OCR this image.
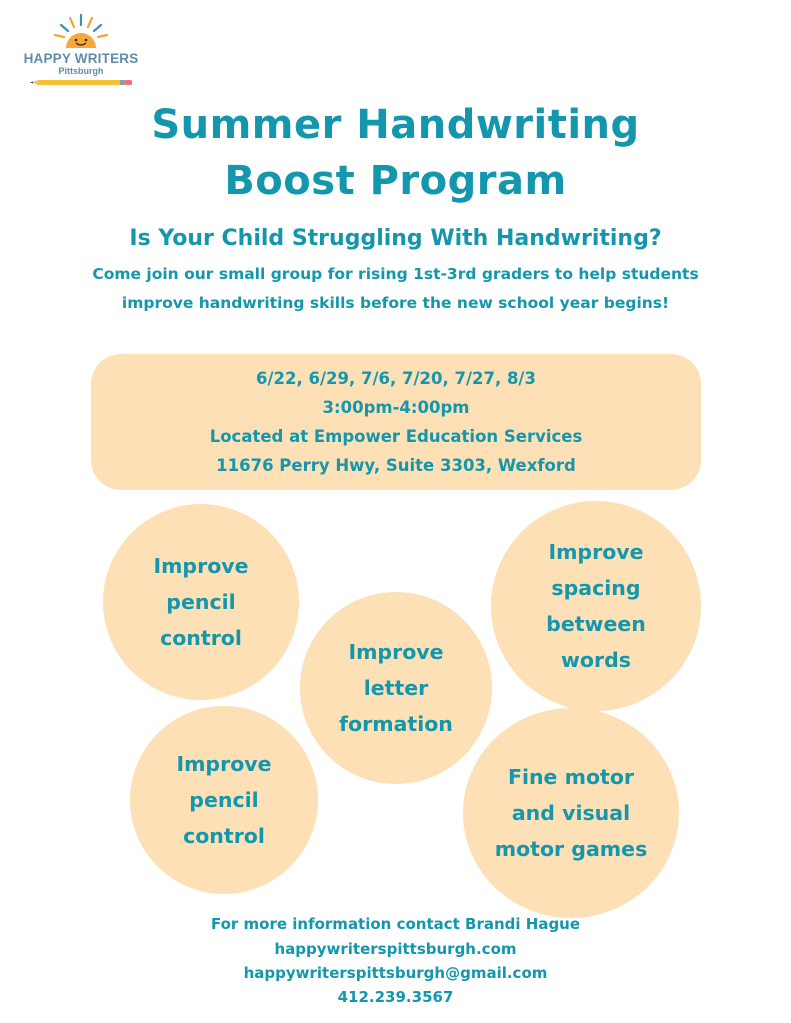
HAPPY WRITERS
Pittsburgh
Summer Handwriting
Boost Program
Is Your Child Struggling With Handwriting?
Come join our small group for rising 1st-3rd graders to help students improve handwriting skills before the new school year begins!
6/22, 6/29, 7/6, 7/20, 7/27, 8/3
3:00pm-4:00pm
Located at Empower Education Services
11676 Perry Hwy, Suite 3303, Wexford
Improve pencil control
Improve spacing between words
Improve letter formation
Improve pencil control
Fine motor and visual motor games
For more information contact Brandi Hague
happywriterspittsburgh.com
happywriterspittsburgh@gmail.com
412.239.3567
